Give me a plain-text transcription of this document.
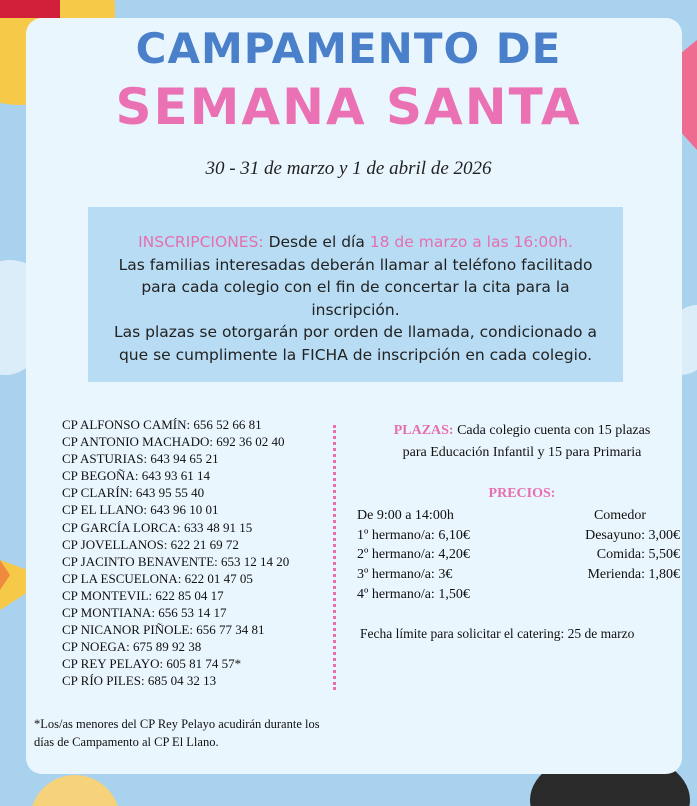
CAMPAMENTO DE
SEMANA SANTA
30 - 31 de marzo y 1 de abril de 2026
INSCRIPCIONES: Desde el día 18 de marzo a las 16:00h.
Las familias interesadas deberán llamar al teléfono facilitado
para cada colegio con el fin de concertar la cita para la
inscripción.
Las plazas se otorgarán por orden de llamada, condicionado a
que se cumplimente la FICHA de inscripción en cada colegio.
CP ALFONSO CAMÍN: 656 52 66 81
CP ANTONIO MACHADO: 692 36 02 40
CP ASTURIAS: 643 94 65 21
CP BEGOÑA: 643 93 61 14
CP CLARÍN: 643 95 55 40
CP EL LLANO: 643 96 10 01
CP GARCÍA LORCA: 633 48 91 15
CP JOVELLANOS: 622 21 69 72
CP JACINTO BENAVENTE: 653 12 14 20
CP LA ESCUELONA: 622 01 47 05
CP MONTEVIL: 622 85 04 17
CP MONTIANA: 656 53 14 17
CP NICANOR PIÑOLE: 656 77 34 81
CP NOEGA: 675 89 92 38
CP REY PELAYO: 605 81 74 57*
CP RÍO PILES: 685 04 32 13
*Los/as menores del CP Rey Pelayo acudirán durante los
días de Campamento al CP El Llano.
PLAZAS: Cada colegio cuenta con 15 plazas
para Educación Infantil y 15 para Primaria
PRECIOS:
De 9:00 a 14:00h
1º hermano/a: 6,10€
2º hermano/a: 4,20€
3º hermano/a: 3€
4º hermano/a: 1,50€
Comedor
Desayuno: 3,00€
Comida: 5,50€
Merienda: 1,80€
Fecha límite para solicitar el catering: 25 de marzo
